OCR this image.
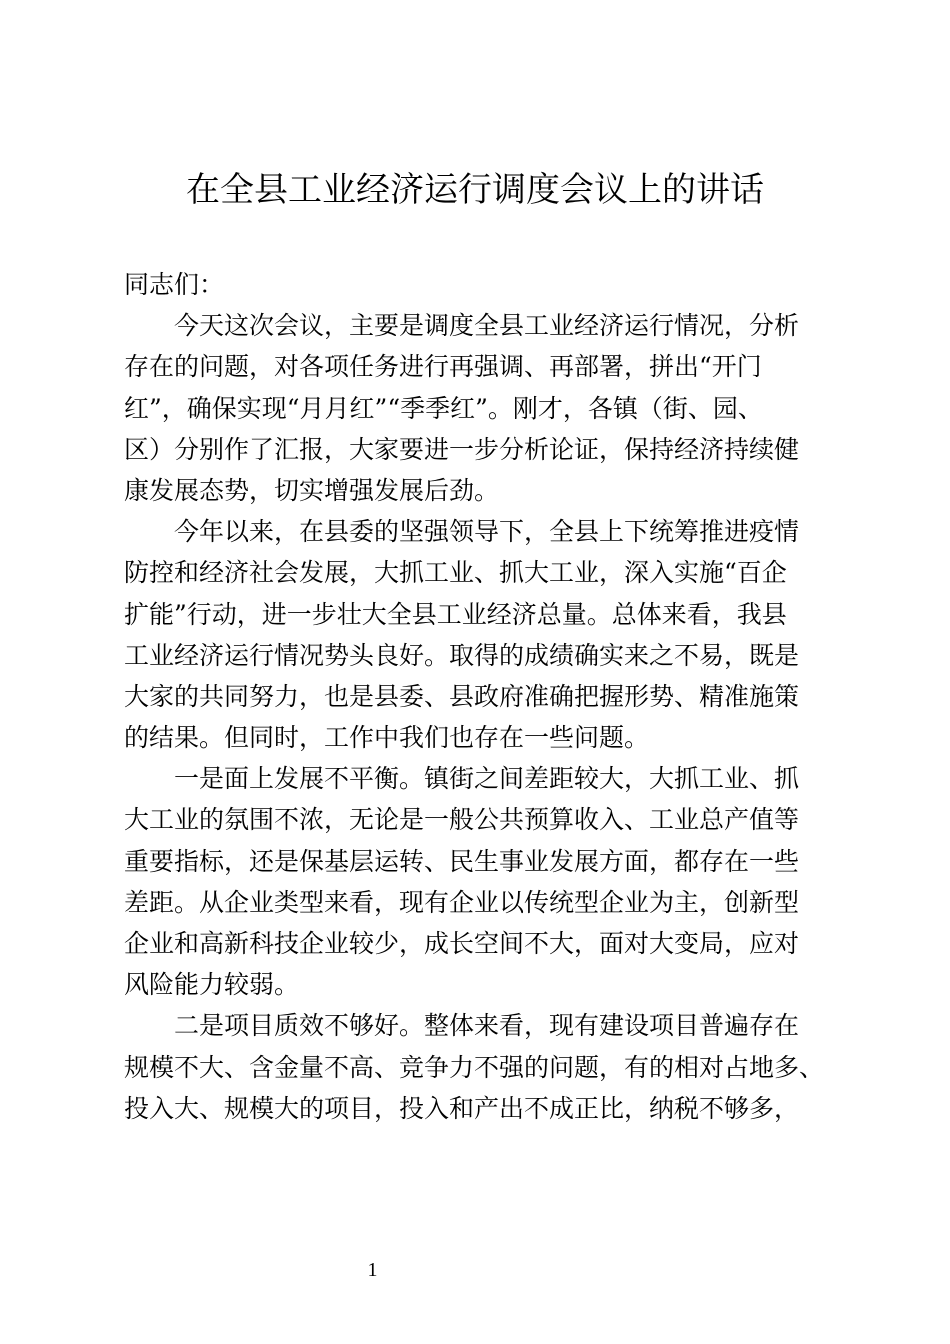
在全县工业经济运行调度会议上的讲话
同志们：
今天这次会议，主要是调度全县工业经济运行情况，分析
存在的问题，对各项任务进行再强调、再部署，拼出“开门
红”，确保实现“月月红”“季季红”。刚才，各镇（街、园、
区）分别作了汇报，大家要进一步分析论证，保持经济持续健
康发展态势，切实增强发展后劲。
今年以来，在县委的坚强领导下，全县上下统筹推进疫情
防控和经济社会发展，大抓工业、抓大工业，深入实施“百企
扩能”行动，进一步壮大全县工业经济总量。总体来看，我县
工业经济运行情况势头良好。取得的成绩确实来之不易，既是
大家的共同努力，也是县委、县政府准确把握形势、精准施策
的结果。但同时，工作中我们也存在一些问题。
一是面上发展不平衡。镇街之间差距较大，大抓工业、抓
大工业的氛围不浓，无论是一般公共预算收入、工业总产值等
重要指标，还是保基层运转、民生事业发展方面，都存在一些
差距。从企业类型来看，现有企业以传统型企业为主，创新型
企业和高新科技企业较少，成长空间不大，面对大变局，应对
风险能力较弱。
二是项目质效不够好。整体来看，现有建设项目普遍存在
规模不大、含金量不高、竞争力不强的问题，有的相对占地多、
投入大、规模大的项目，投入和产出不成正比，纳税不够多，
1
